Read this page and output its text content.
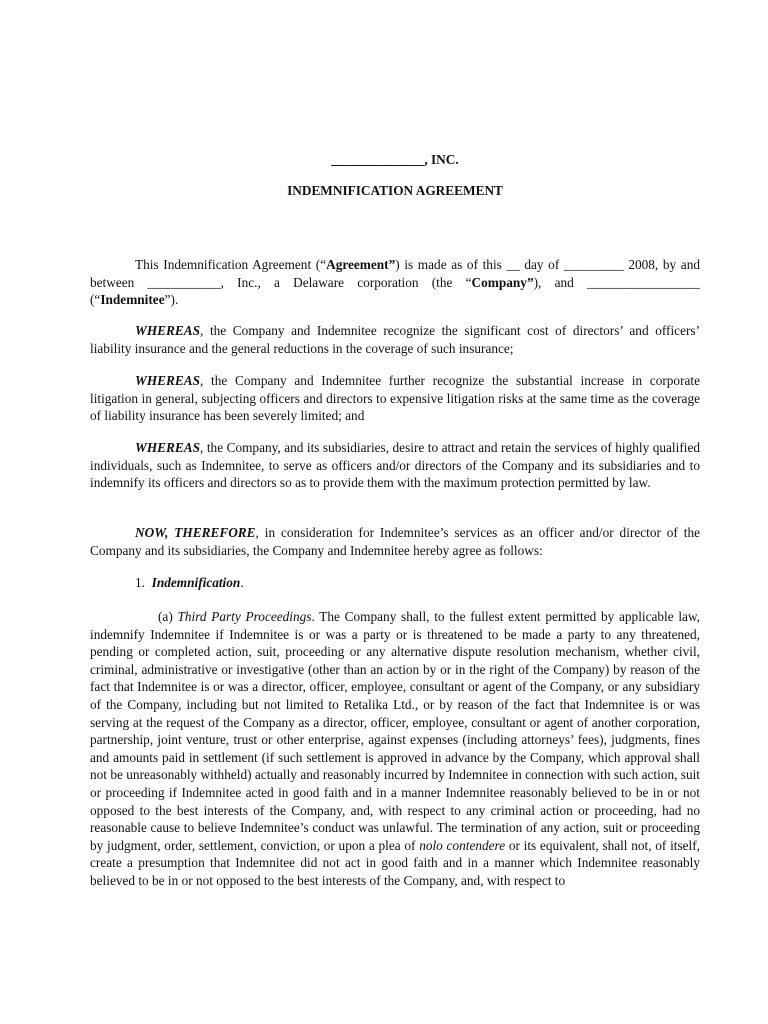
______________, INC.
INDEMNIFICATION AGREEMENT

This Indemnification Agreement (“Agreement”) is made as of this __ day of _________ 2008, by and between ___________, Inc., a Delaware corporation (the “Company”), and _________________ (“Indemnitee”).

WHEREAS, the Company and Indemnitee recognize the significant cost of directors’ and officers’ liability insurance and the general reductions in the coverage of such insurance;

WHEREAS, the Company and Indemnitee further recognize the substantial increase in corporate litigation in general, subjecting officers and directors to expensive litigation risks at the same time as the coverage of liability insurance has been severely limited; and

WHEREAS, the Company, and its subsidiaries, desire to attract and retain the services of highly qualified individuals, such as Indemnitee, to serve as officers and/or directors of the Company and its subsidiaries and to indemnify its officers and directors so as to provide them with the maximum protection permitted by law.

NOW, THEREFORE, in consideration for Indemnitee’s services as an officer and/or director of the Company and its subsidiaries, the Company and Indemnitee hereby agree as follows:

1. Indemnification.

(a) Third Party Proceedings. The Company shall, to the fullest extent permitted by applicable law, indemnify Indemnitee if Indemnitee is or was a party or is threatened to be made a party to any threatened, pending or completed action, suit, proceeding or any alternative dispute resolution mechanism, whether civil, criminal, administrative or investigative (other than an action by or in the right of the Company) by reason of the fact that Indemnitee is or was a director, officer, employee, consultant or agent of the Company, or any subsidiary of the Company, including but not limited to Retalika Ltd., or by reason of the fact that Indemnitee is or was serving at the request of the Company as a director, officer, employee, consultant or agent of another corporation, partnership, joint venture, trust or other enterprise, against expenses (including attorneys’ fees), judgments, fines and amounts paid in settlement (if such settlement is approved in advance by the Company, which approval shall not be unreasonably withheld) actually and reasonably incurred by Indemnitee in connection with such action, suit or proceeding if Indemnitee acted in good faith and in a manner Indemnitee reasonably believed to be in or not opposed to the best interests of the Company, and, with respect to any criminal action or proceeding, had no reasonable cause to believe Indemnitee’s conduct was unlawful. The termination of any action, suit or proceeding by judgment, order, settlement, conviction, or upon a plea of nolo contendere or its equivalent, shall not, of itself, create a presumption that Indemnitee did not act in good faith and in a manner which Indemnitee reasonably believed to be in or not opposed to the best interests of the Company, and, with respect to
